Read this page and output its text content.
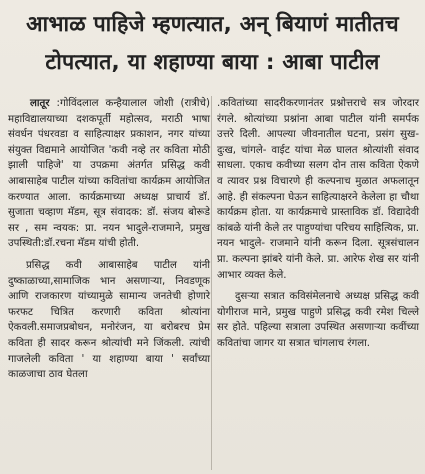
आभाळ पाहिजे म्हणत्यात, अन् बियाणं मातीतच
टोपत्यात, या शहाण्या बाया : आबा पाटील

लातूर :गोविंदलाल कन्हैयालाल जोशी (रात्रीचे) महाविद्यालयाच्या दशकपूर्ती महोत्सव, मराठी भाषा संवर्धन पंधरवडा व साहित्याक्षर प्रकाशन, नगर यांच्या संयुक्त विद्यमाने आयोजित 'कवी नव्हे तर कविता मोठी झाली पाहिजे' या उपक्रमा अंतर्गत प्रसिद्ध कवी आबासाहेब पाटील यांच्या कवितांचा कार्यक्रम आयोजित करण्यात आला. कार्यक्रमाच्या अध्यक्ष प्राचार्य डॉ. सुजाता चव्हाण मॅडम, सूत्र संवादक: डॉ. संजय बोरूडे सर , सम न्वयक: प्रा. नयन भादुले-राजमाने, प्रमुख उपस्थिती:डॉ.रचना मॅडम यांची होती.

प्रसिद्ध कवी आबासाहेब पाटील यांनी दुष्काळाच्या,सामाजिक भान असणाऱ्या, निवडणूक आणि राजकारण यांच्यामुळे सामान्य जनतेची होणारे फरफट चित्रित करणारी कविता श्रोत्यांना ऐकवली.समाजप्रबोधन, मनोरंजन, या बरोबरच प्रेम कविता ही सादर करून श्रोत्यांची मने जिंकली. त्यांची गाजलेली कविता ' या शहाण्या बाया ' सर्वांच्या काळजाचा ठाव घेतला

.कवितांच्या सादरीकरणानंतर प्रश्नोत्तराचे सत्र जोरदार रंगले. श्रोत्यांच्या प्रश्नांना आबा पाटील यांनी समर्पक उत्तरे दिली. आपल्या जीवनातील घटना, प्रसंग सुख-दुःख, चांगले- वाईट यांचा मेळ घालत श्रोत्यांशी संवाद साधला. एकाच कवीच्या सलग दोन तास कविता ऐकणे व त्यावर प्रश्न विचारणे ही कल्पनाच मुळात अफलातून आहे. ही संकल्पना घेऊन साहित्याक्षरने केलेला हा चौथा कार्यक्रम होता. या कार्यक्रमाचे प्रास्ताविक डॉ. विद्यादेवी कांबळे यांनी केले तर पाहुण्यांचा परिचय साहित्यिक, प्रा. नयन भादुले- राजमाने यांनी करून दिला. सूत्रसंचालन प्रा. कल्पना झांबरे यांनी केले. प्रा. आरेफ शेख सर यांनी आभार व्यक्त केले.

दुसऱ्या सत्रात कविसंमेलनाचे अध्यक्ष प्रसिद्ध कवी योगीराज माने, प्रमुख पाहुणे प्रसिद्ध कवी रमेश चिल्ले सर होते. पहिल्या सत्राला उपस्थित असणाऱ्या कवींच्या कवितांचा जागर या सत्रात चांगलाच रंगला.
